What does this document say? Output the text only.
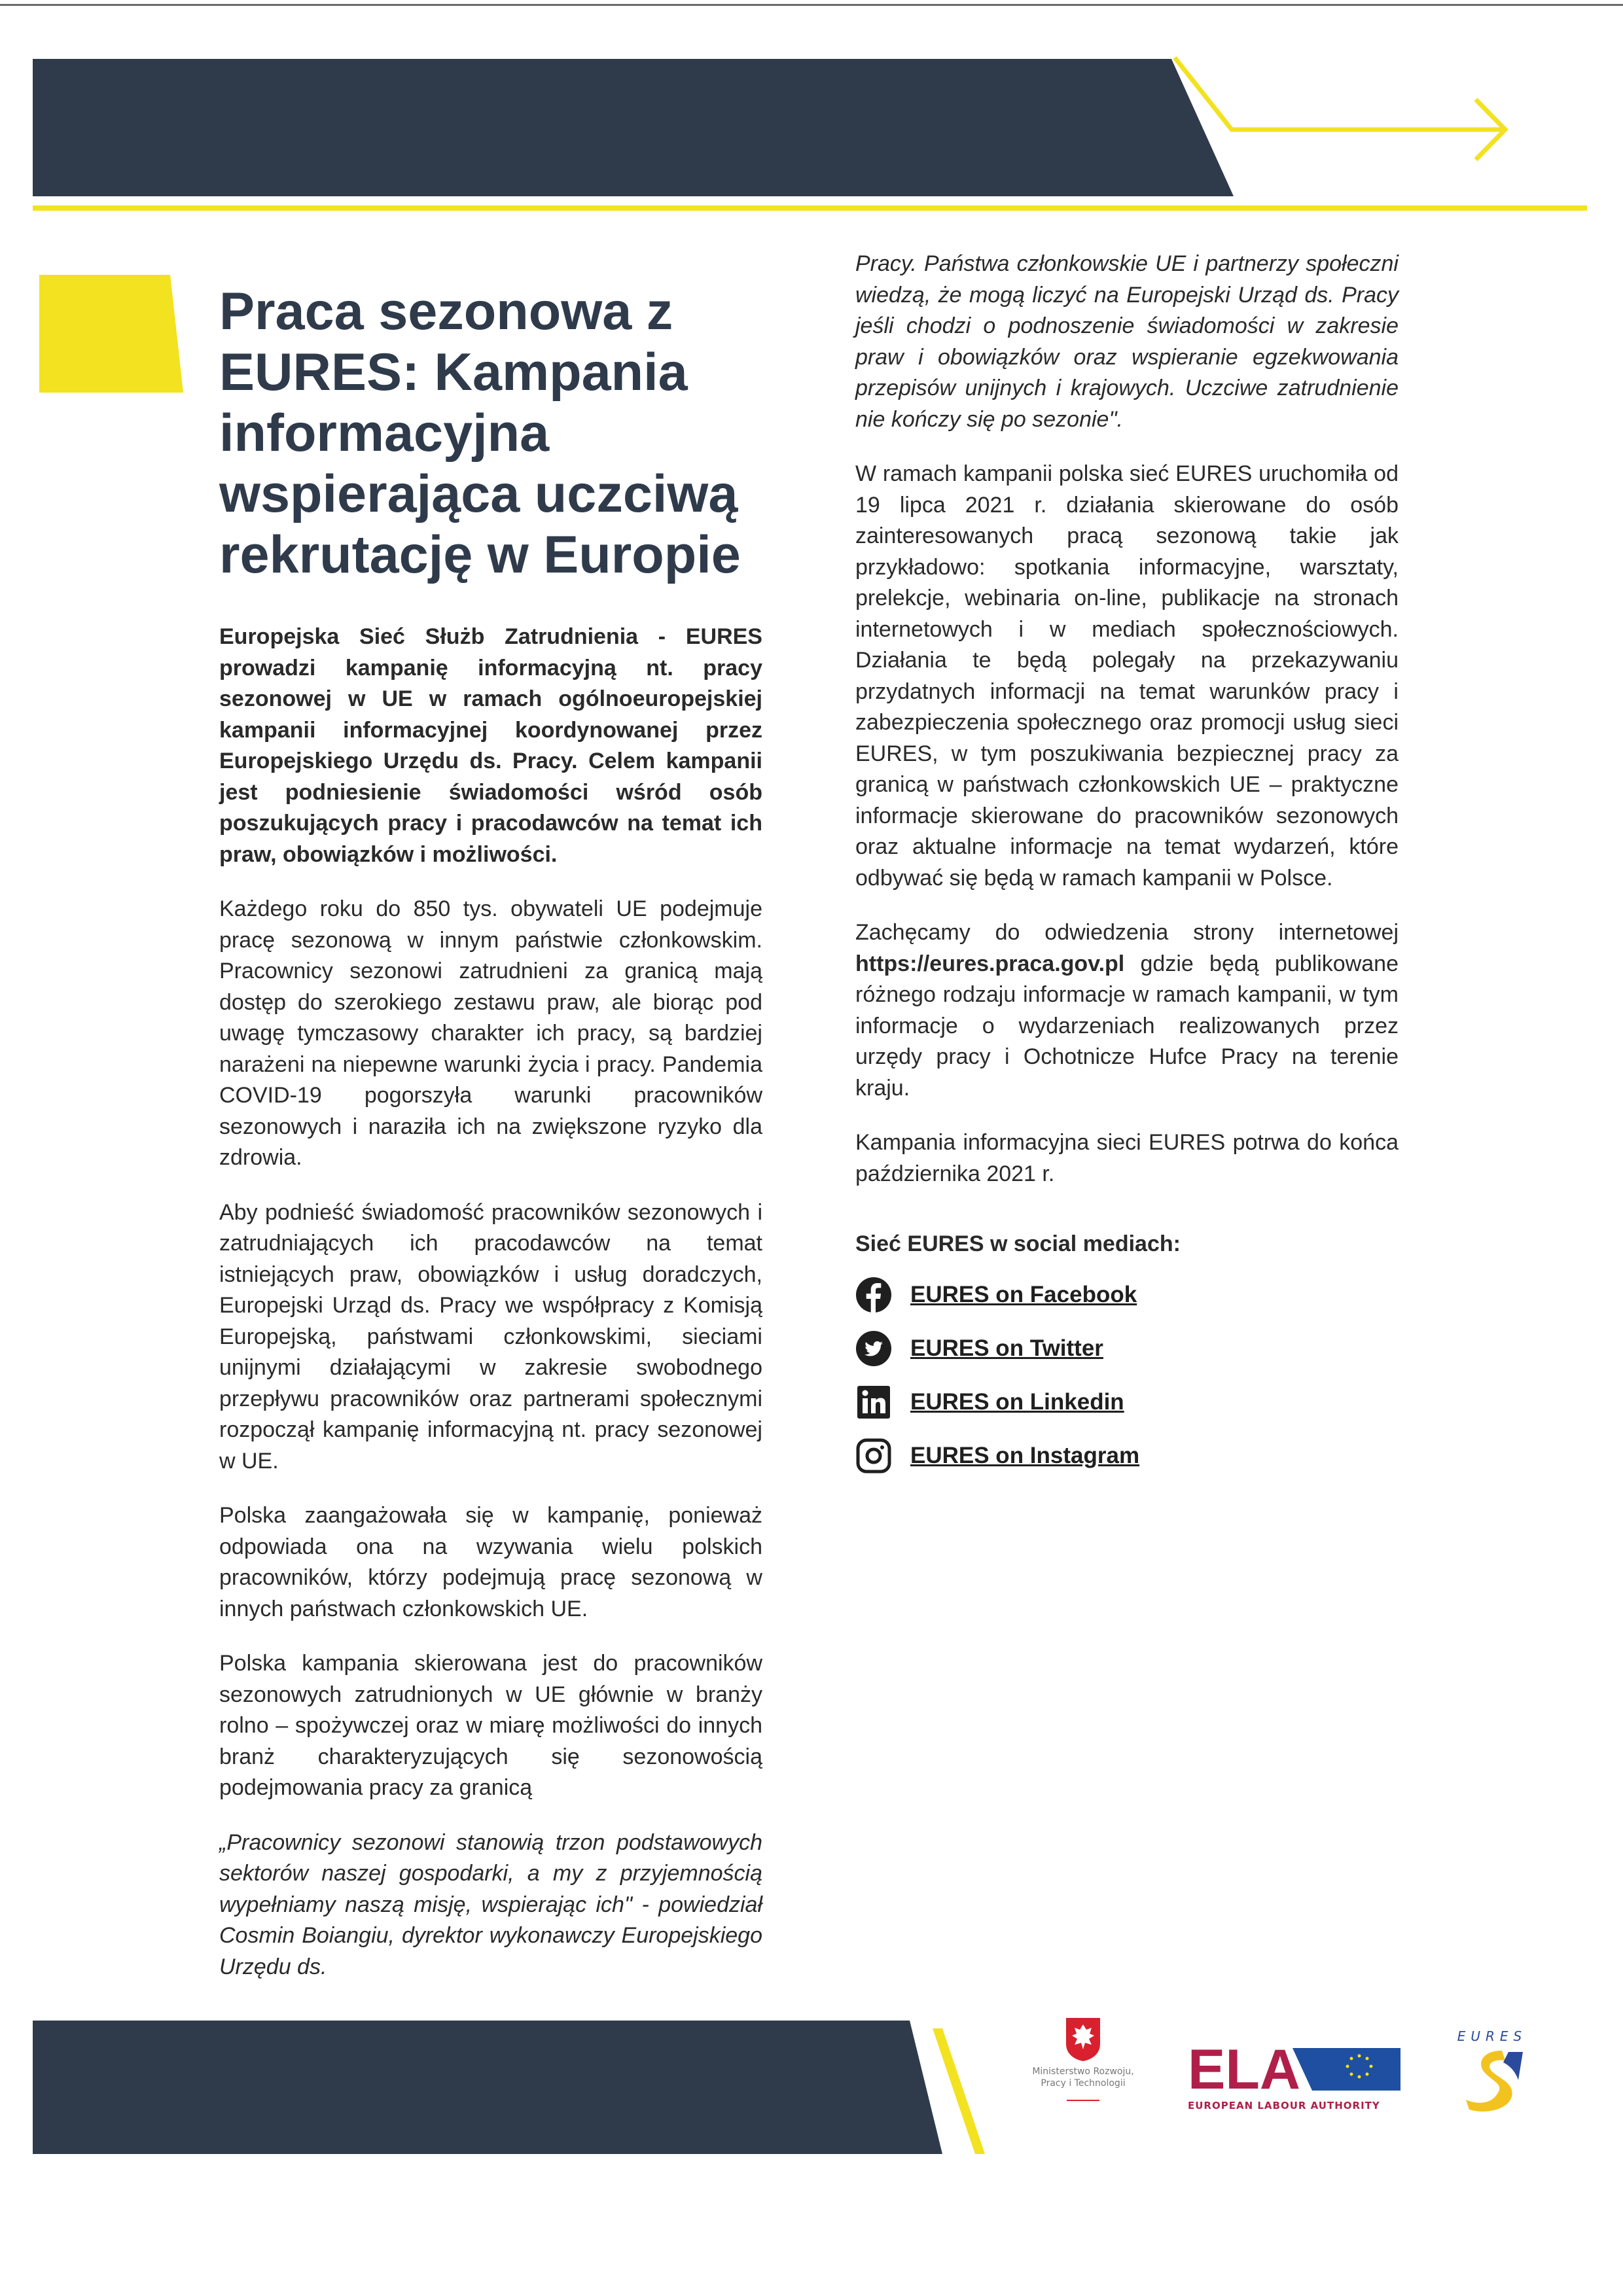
Praca sezonowa z EURES: Kampania informacyjna wspierająca uczciwą rekrutację w Europie

Europejska Sieć Służb Zatrudnienia - EURES prowadzi kampanię informacyjną nt. pracy sezonowej w UE w ramach ogólnoeuropejskiej kampanii informacyjnej koordynowanej przez Europejskiego Urzędu ds. Pracy. Celem kampanii jest podniesienie świadomości wśród osób poszukujących pracy i pracodawców na temat ich praw, obowiązków i możliwości.

Każdego roku do 850 tys. obywateli UE podejmuje pracę sezonową w innym państwie członkowskim. Pracownicy sezonowi zatrudnieni za granicą mają dostęp do szerokiego zestawu praw, ale biorąc pod uwagę tymczasowy charakter ich pracy, są bardziej narażeni na niepewne warunki życia i pracy. Pandemia COVID-19 pogorszyła warunki pracowników sezonowych i naraziła ich na zwiększone ryzyko dla zdrowia.

Aby podnieść świadomość pracowników sezonowych i zatrudniających ich pracodawców na temat istniejących praw, obowiązków i usług doradczych, Europejski Urząd ds. Pracy we współpracy z Komisją Europejską, państwami członkowskimi, sieciami unijnymi działającymi w zakresie swobodnego przepływu pracowników oraz partnerami społecznymi rozpoczął kampanię informacyjną nt. pracy sezonowej w UE.

Polska zaangażowała się w kampanię, ponieważ odpowiada ona na wzywania wielu polskich pracowników, którzy podejmują pracę sezonową w innych państwach członkowskich UE.

Polska kampania skierowana jest do pracowników sezonowych zatrudnionych w UE głównie w branży rolno – spożywczej oraz w miarę możliwości do innych branż charakteryzujących się sezonowością podejmowania pracy za granicą

„Pracownicy sezonowi stanowią trzon podstawowych sektorów naszej gospodarki, a my z przyjemnością wypełniamy naszą misję, wspierając ich" - powiedział Cosmin Boiangiu, dyrektor wykonawczy Europejskiego Urzędu ds.

Pracy. Państwa członkowskie UE i partnerzy społeczni wiedzą, że mogą liczyć na Europejski Urząd ds. Pracy jeśli chodzi o podnoszenie świadomości w zakresie praw i obowiązków oraz wspieranie egzekwowania przepisów unijnych i krajowych. Uczciwe zatrudnienie nie kończy się po sezonie".

W ramach kampanii polska sieć EURES uruchomiła od 19 lipca 2021 r. działania skierowane do osób zainteresowanych pracą sezonową takie jak przykładowo: spotkania informacyjne, warsztaty, prelekcje, webinaria on-line, publikacje na stronach internetowych i w mediach społecznościowych. Działania te będą polegały na przekazywaniu przydatnych informacji na temat warunków pracy i zabezpieczenia społecznego oraz promocji usług sieci EURES, w tym poszukiwania bezpiecznej pracy za granicą w państwach członkowskich UE – praktyczne informacje skierowane do pracowników sezonowych oraz aktualne informacje na temat wydarzeń, które odbywać się będą w ramach kampanii w Polsce.

Zachęcamy do odwiedzenia strony internetowej https://eures.praca.gov.pl gdzie będą publikowane różnego rodzaju informacje w ramach kampanii, w tym informacje o wydarzeniach realizowanych przez urzędy pracy i Ochotnicze Hufce Pracy na terenie kraju.

Kampania informacyjna sieci EURES potrwa do końca października 2021 r.

Sieć EURES w social mediach:

EURES on Facebook
EURES on Twitter
EURES on Linkedin
EURES on Instagram
Ministerstwo Rozwoju,
Pracy i Technologii	ELA
EUROPEAN LABOUR AUTHORITY
EURES
